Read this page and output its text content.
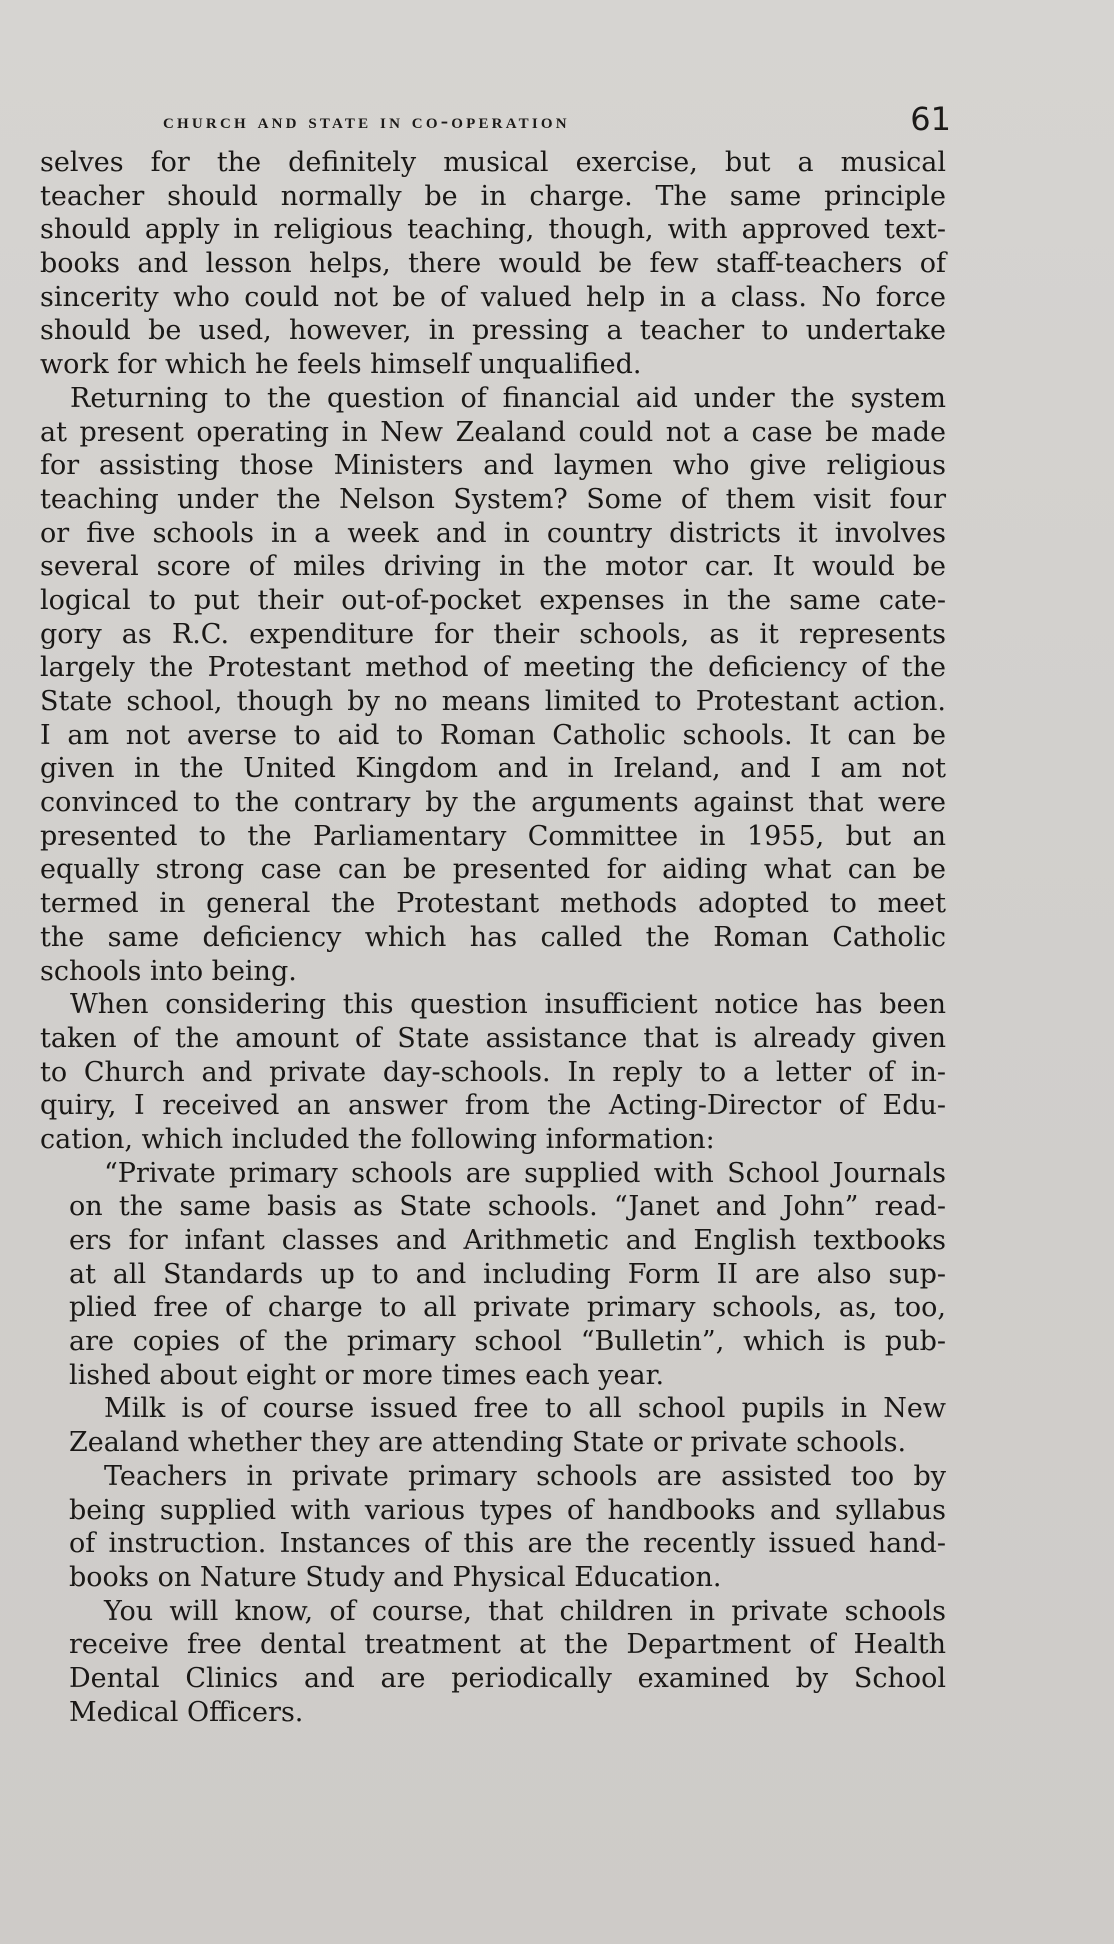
church and state in co-operation	61
selves for the definitely musical exercise, but a musical
teacher should normally be in charge. The same principle
should apply in religious teaching, though, with approved text-
books and lesson helps, there would be few staff-teachers of
sincerity who could not be of valued help in a class. No force
should be used, however, in pressing a teacher to undertake
work for which he feels himself unqualified.
Returning to the question of financial aid under the system
at present operating in New Zealand could not a case be made
for assisting those Ministers and laymen who give religious
teaching under the Nelson System? Some of them visit four
or five schools in a week and in country districts it involves
several score of miles driving in the motor car. It would be
logical to put their out-of-pocket expenses in the same cate-
gory as R.C. expenditure for their schools, as it represents
largely the Protestant method of meeting the deficiency of the
State school, though by no means limited to Protestant action.
I am not averse to aid to Roman Catholic schools. It can be
given in the United Kingdom and in Ireland, and I am not
convinced to the contrary by the arguments against that were
presented to the Parliamentary Committee in 1955, but an
equally strong case can be presented for aiding what can be
termed in general the Protestant methods adopted to meet
the same deficiency which has called the Roman Catholic
schools into being.
When considering this question insufficient notice has been
taken of the amount of State assistance that is already given
to Church and private day-schools. In reply to a letter of in-
quiry, I received an answer from the Acting-Director of Edu-
cation, which included the following information:
“Private primary schools are supplied with School Journals
on the same basis as State schools. “Janet and John” read-
ers for infant classes and Arithmetic and English textbooks
at all Standards up to and including Form II are also sup-
plied free of charge to all private primary schools, as, too,
are copies of the primary school “Bulletin”, which is pub-
lished about eight or more times each year.
Milk is of course issued free to all school pupils in New
Zealand whether they are attending State or private schools.
Teachers in private primary schools are assisted too by
being supplied with various types of handbooks and syllabus
of instruction. Instances of this are the recently issued hand-
books on Nature Study and Physical Education.
You will know, of course, that children in private schools
receive free dental treatment at the Department of Health
Dental Clinics and are periodically examined by School
Medical Officers.
